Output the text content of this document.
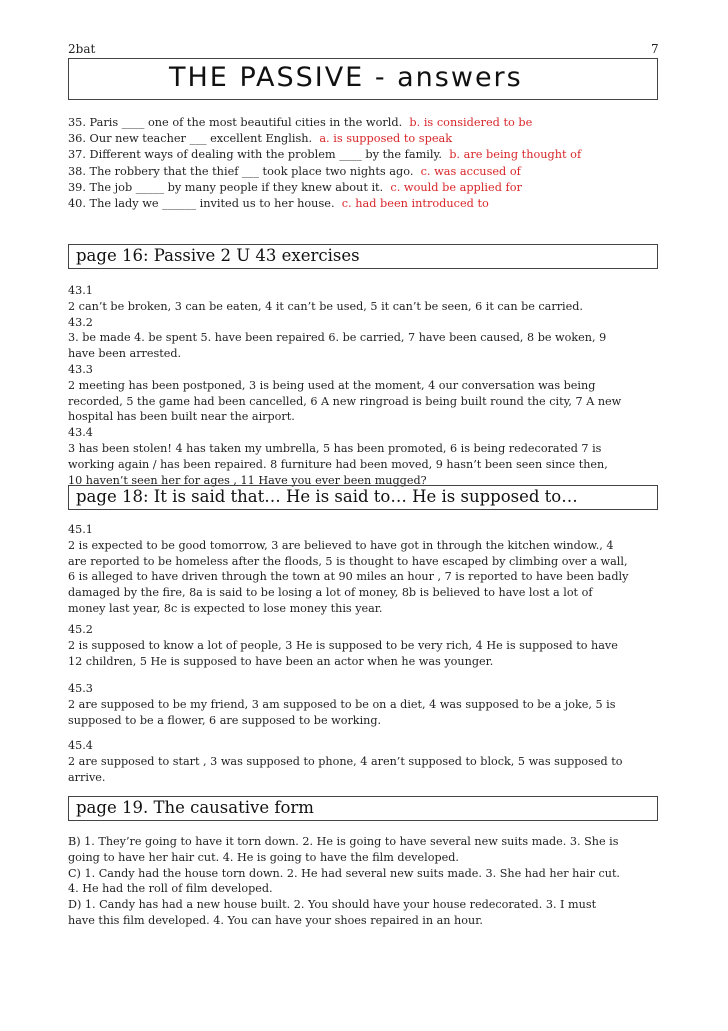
2bat	7
THE PASSIVE - answers
35. Paris ____ one of the most beautiful cities in the world. b. is considered to be
36. Our new teacher ___ excellent English. a. is supposed to speak
37. Different ways of dealing with the problem ____ by the family. b. are being thought of
38. The robbery that the thief ___ took place two nights ago. c. was accused of
39. The job _____ by many people if they knew about it. c. would be applied for
40. The lady we ______ invited us to her house. c. had been introduced to
page 16: Passive 2 U 43 exercises
43.1
2 can’t be broken, 3 can be eaten, 4 it can’t be used, 5 it can’t be seen, 6 it can be carried.
43.2
3. be made 4. be spent 5. have been repaired 6. be carried, 7 have been caused, 8 be woken, 9
have been arrested.
43.3
2 meeting has been postponed, 3 is being used at the moment, 4 our conversation was being
recorded, 5 the game had been cancelled, 6 A new ringroad is being built round the city, 7 A new
hospital has been built near the airport.
43.4
3 has been stolen! 4 has taken my umbrella, 5 has been promoted, 6 is being redecorated 7 is
working again / has been repaired. 8 furniture had been moved, 9 hasn’t been seen since then,
10 haven’t seen her for ages , 11 Have you ever been mugged?
page 18: It is said that… He is said to… He is supposed to…
45.1
2 is expected to be good tomorrow, 3 are believed to have got in through the kitchen window., 4
are reported to be homeless after the floods, 5 is thought to have escaped by climbing over a wall,
6 is alleged to have driven through the town at 90 miles an hour , 7 is reported to have been badly
damaged by the fire, 8a is said to be losing a lot of money, 8b is believed to have lost a lot of
money last year, 8c is expected to lose money this year.
45.2
2 is supposed to know a lot of people, 3 He is supposed to be very rich, 4 He is supposed to have
12 children, 5 He is supposed to have been an actor when he was younger.
45.3
2 are supposed to be my friend, 3 am supposed to be on a diet, 4 was supposed to be a joke, 5 is
supposed to be a flower, 6 are supposed to be working.
45.4
2 are supposed to start , 3 was supposed to phone, 4 aren’t supposed to block, 5 was supposed to
arrive.
page 19. The causative form
B) 1. They’re going to have it torn down. 2. He is going to have several new suits made. 3. She is
going to have her hair cut. 4. He is going to have the film developed.
C) 1. Candy had the house torn down. 2. He had several new suits made. 3. She had her hair cut.
4. He had the roll of film developed.
D) 1. Candy has had a new house built. 2. You should have your house redecorated. 3. I must
have this film developed. 4. You can have your shoes repaired in an hour.
